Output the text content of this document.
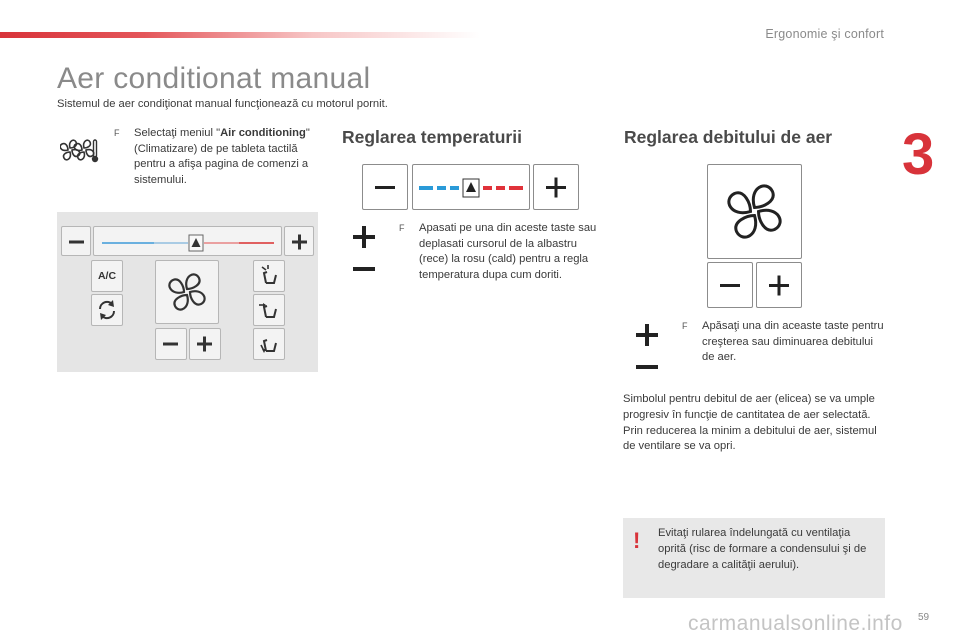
Ergonomie şi confort
3
Aer conditionat manual

Sistemul de aer condiţionat manual funcţionează cu motorul pornit.

F Selectaţi meniul "Air conditioning" (Climatizare) de pe tableta tactilă pentru a afişa pagina de comenzi a sistemului.
A/C
Reglarea temperaturii
F Apasati pe una din aceste taste sau deplasati cursorul de la albastru (rece) la rosu (cald) pentru a regla temperatura dupa cum doriti.
Reglarea debitului de aer
F Apăsaţi una din aceaste taste pentru creşterea sau diminuarea debitului de aer.

Simbolul pentru debitul de aer (elicea) se va umple progresiv în funcţie de cantitatea de aer selectată.

Prin reducerea la minim a debitului de aer, sistemul de ventilare se va opri.

! Evitaţi rularea îndelungată cu ventilaţia oprită (risc de formare a condensului şi de degradare a calităţii aerului).

carmanualsonline.info 59
